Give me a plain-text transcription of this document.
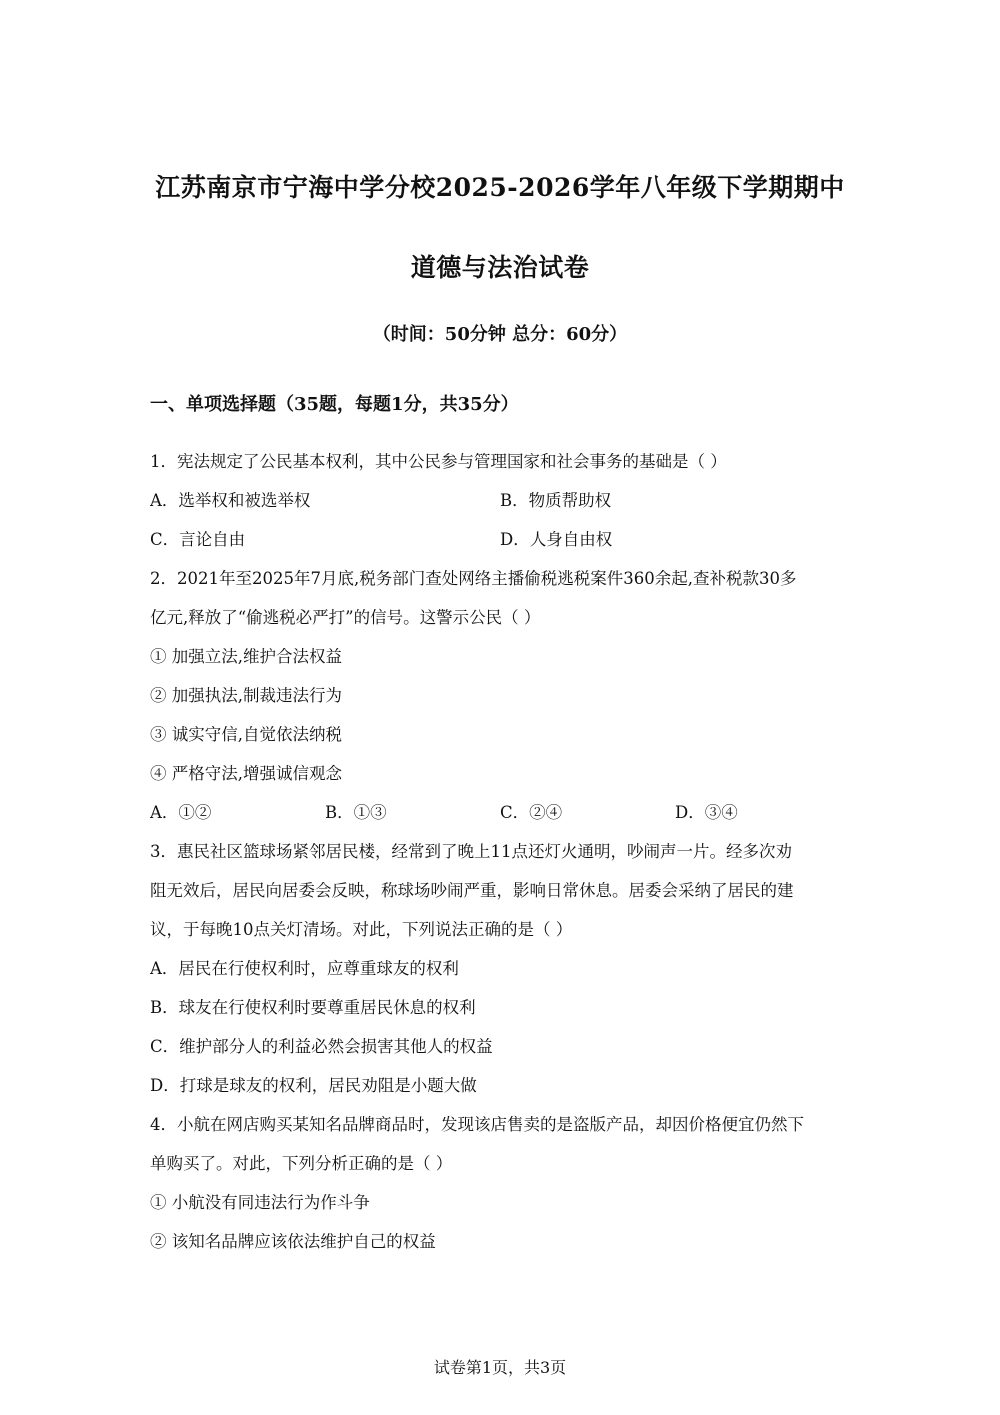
江苏南京市宁海中学分校2025-2026学年八年级下学期期中
道德与法治试卷
（时间：50分钟 总分：60分）
一、单项选择题（35题，每题1分，共35分）
1．宪法规定了公民基本权利，其中公民参与管理国家和社会事务的基础是（ ）
A．选举权和被选举权	B．物质帮助权
C．言论自由	D．人身自由权
2．2021年至2025年7月底,税务部门查处网络主播偷税逃税案件360余起,查补税款30多
亿元,释放了“偷逃税必严打”的信号。这警示公民（ ）
① 加强立法,维护合法权益
② 加强执法,制裁违法行为
③ 诚实守信,自觉依法纳税
④ 严格守法,增强诚信观念
A．①②	B．①③	C．②④	D．③④
3．惠民社区篮球场紧邻居民楼，经常到了晚上11点还灯火通明，吵闹声一片。经多次劝
阻无效后，居民向居委会反映，称球场吵闹严重，影响日常休息。居委会采纳了居民的建
议，于每晚10点关灯清场。对此，下列说法正确的是（ ）
A．居民在行使权利时，应尊重球友的权利
B．球友在行使权利时要尊重居民休息的权利
C．维护部分人的利益必然会损害其他人的权益
D．打球是球友的权利，居民劝阻是小题大做
4．小航在网店购买某知名品牌商品时，发现该店售卖的是盗版产品，却因价格便宜仍然下
单购买了。对此，下列分析正确的是（ ）
① 小航没有同违法行为作斗争
② 该知名品牌应该依法维护自己的权益
试卷第1页，共3页
